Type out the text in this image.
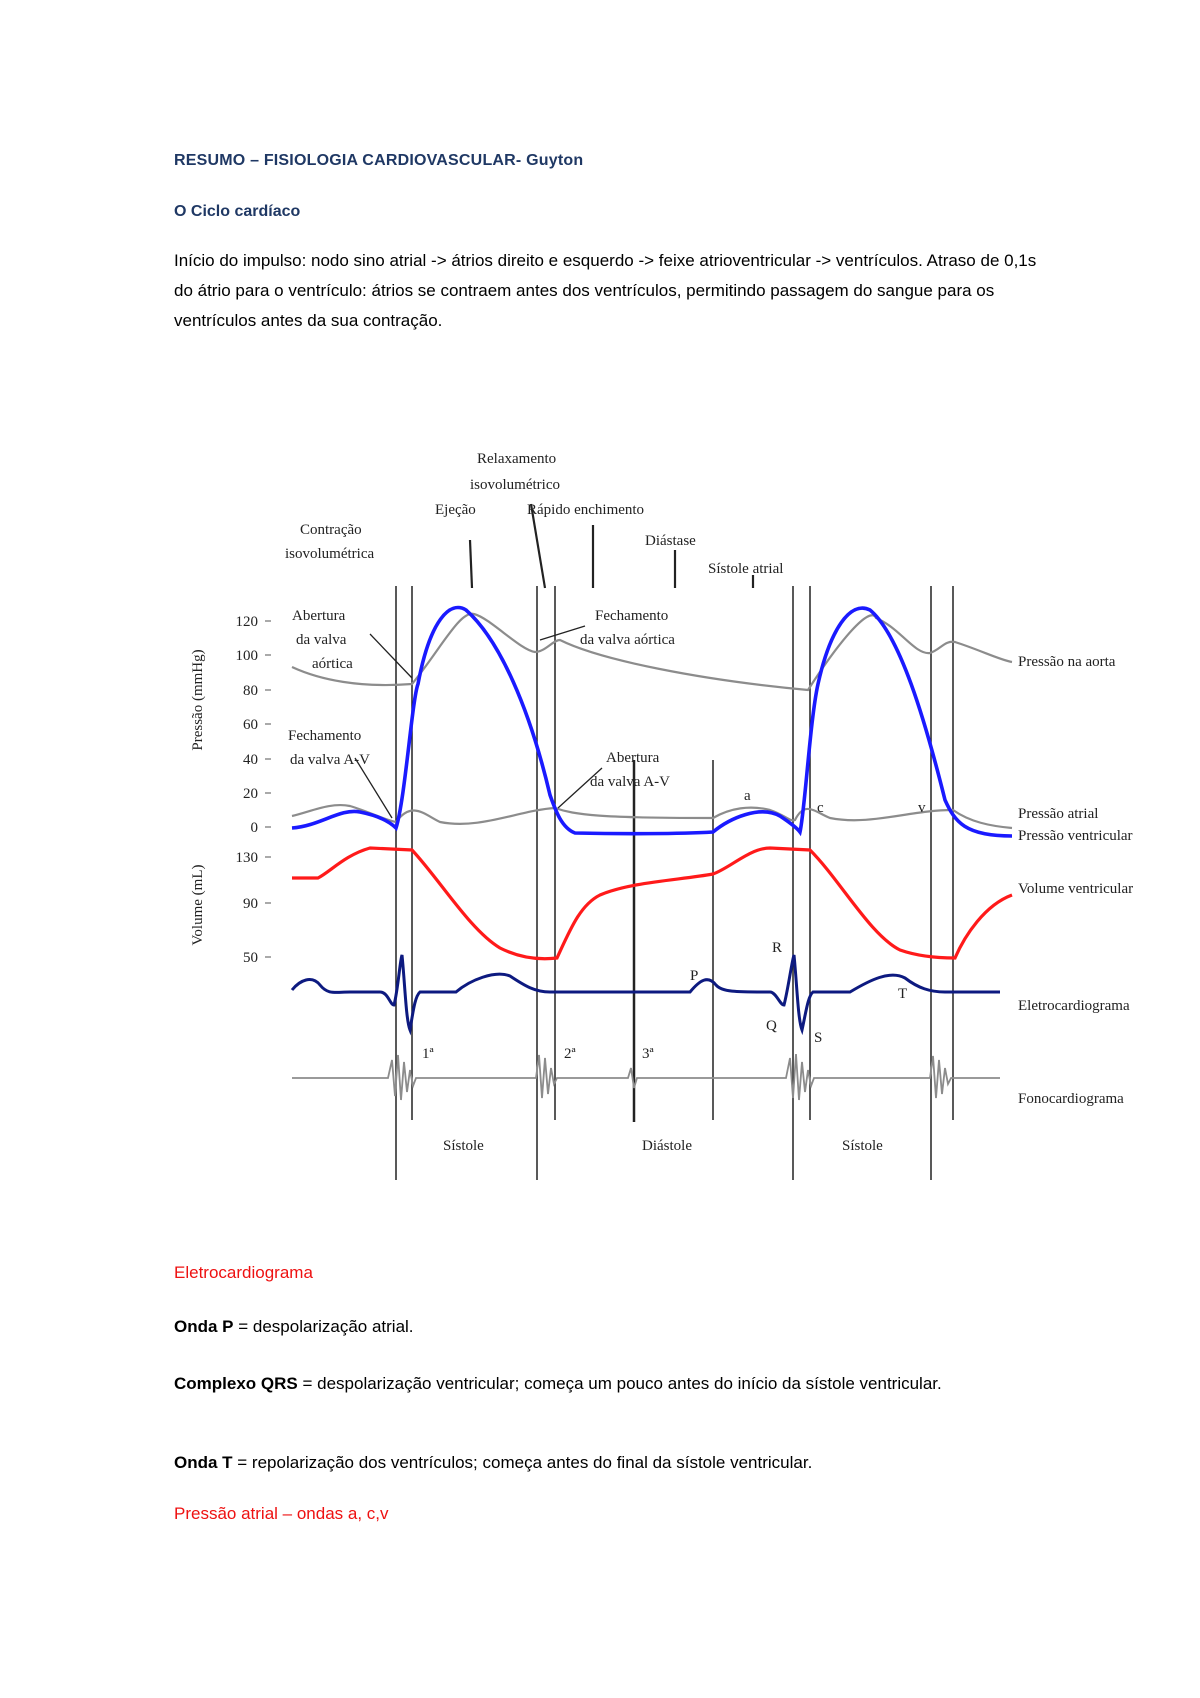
RESUMO – FISIOLOGIA CARDIOVASCULAR- Guyton
O Ciclo cardíaco

Início do impulso: nodo sino atrial -> átrios direito e esquerdo -> feixe atrioventricular -> ventrículos. Atraso de 0,1s do átrio para o ventrículo: átrios se contraem antes dos ventrículos, permitindo passagem do sangue para os ventrículos antes da sua contração.

Relaxamento
isovolumétrico
Ejeção	Rápido enchimento
Contração
isovolumétrica
Diástase
Sístole atrial
Pressão (mmHg)
120
100
80
60
40
20
0
Volume (mL)
130
90
50
Abertura
da valva
aórtica
Fechamento
da valva aórtica
Fechamento
da valva A-V	Abertura
da valva A-V
a
c	v
P
Q
R
S
T
1ª	2ª	3ª
Sístole	Diástole	Sístole
Pressão na aorta
Pressão atrial
Pressão ventricular
Volume ventricular
Eletrocardiograma
Fonocardiograma
Eletrocardiograma
Onda P = despolarização atrial.
Complexo QRS = despolarização ventricular; começa um pouco antes do início da sístole ventricular.
Onda T = repolarização dos ventrículos; começa antes do final da sístole ventricular.
Pressão atrial – ondas a, c,v
